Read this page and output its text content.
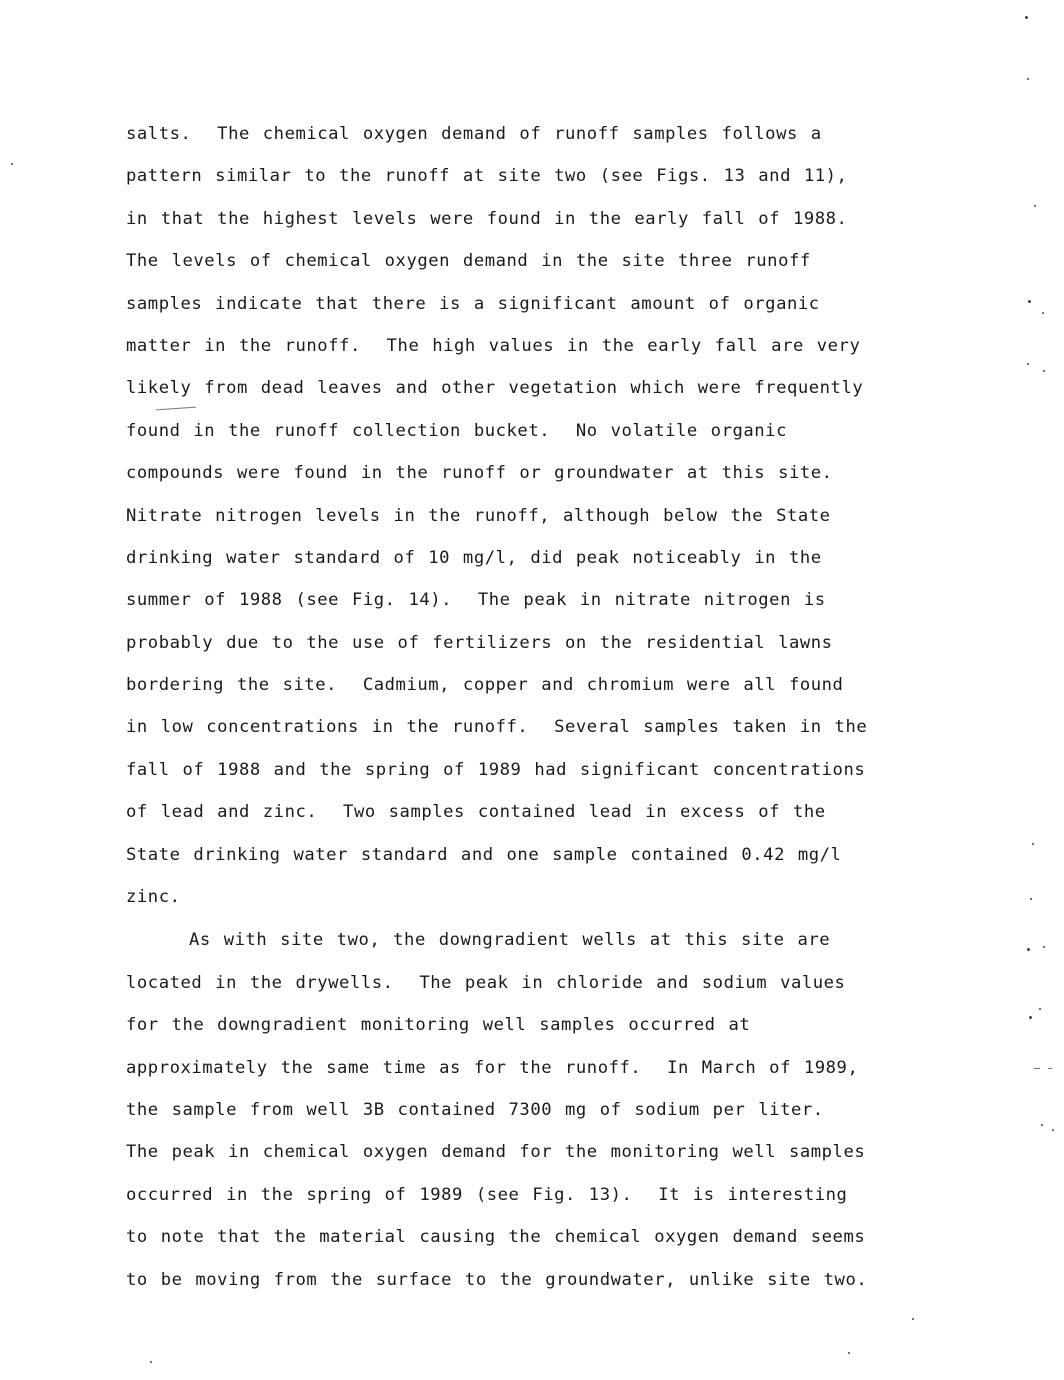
salts.  The chemical oxygen demand of runoff samples follows a
pattern similar to the runoff at site two (see Figs. 13 and 11),
in that the highest levels were found in the early fall of 1988.
The levels of chemical oxygen demand in the site three runoff
samples indicate that there is a significant amount of organic
matter in the runoff.  The high values in the early fall are very
likely from dead leaves and other vegetation which were frequently
found in the runoff collection bucket.  No volatile organic
compounds were found in the runoff or groundwater at this site.
Nitrate nitrogen levels in the runoff, although below the State
drinking water standard of 10 mg/l, did peak noticeably in the
summer of 1988 (see Fig. 14).  The peak in nitrate nitrogen is
probably due to the use of fertilizers on the residential lawns
bordering the site.  Cadmium, copper and chromium were all found
in low concentrations in the runoff.  Several samples taken in the
fall of 1988 and the spring of 1989 had significant concentrations
of lead and zinc.  Two samples contained lead in excess of the
State drinking water standard and one sample contained 0.42 mg/l
zinc.
As with site two, the downgradient wells at this site are
located in the drywells.  The peak in chloride and sodium values
for the downgradient monitoring well samples occurred at
approximately the same time as for the runoff.  In March of 1989,
the sample from well 3B contained 7300 mg of sodium per liter.
The peak in chemical oxygen demand for the monitoring well samples
occurred in the spring of 1989 (see Fig. 13).  It is interesting
to note that the material causing the chemical oxygen demand seems
to be moving from the surface to the groundwater, unlike site two.
